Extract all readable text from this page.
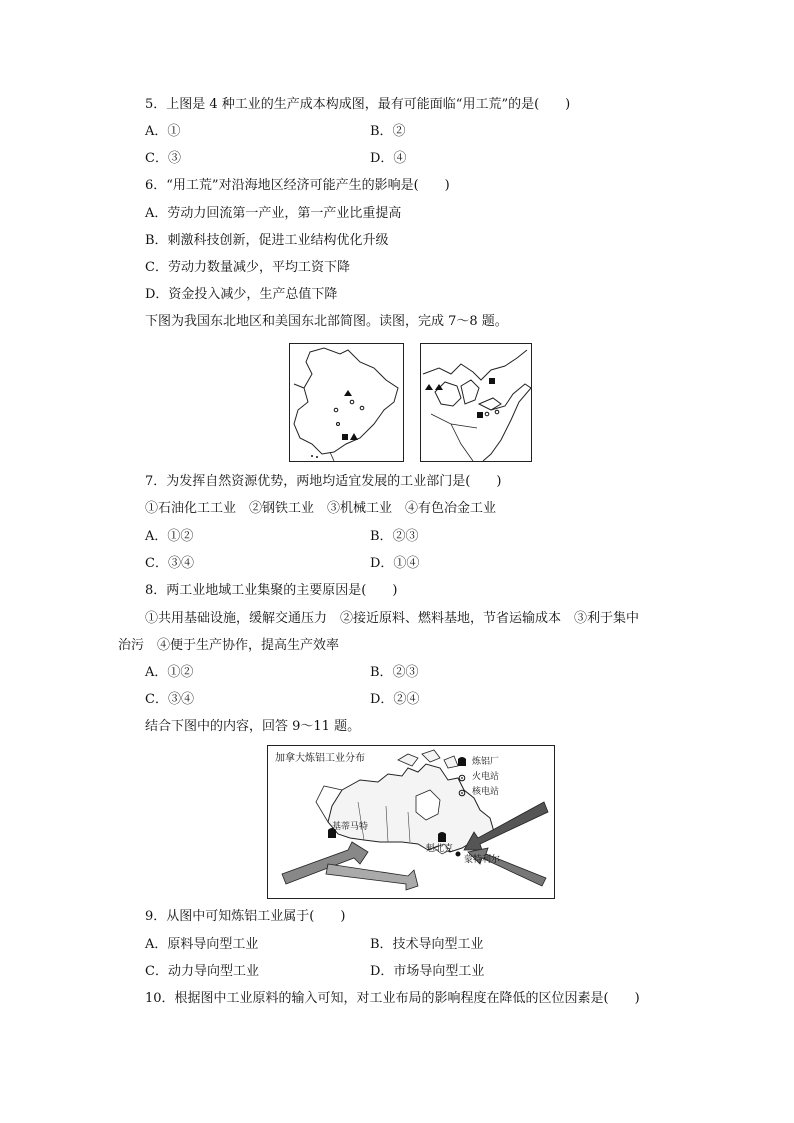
5．上图是 4 种工业的生产成本构成图，最有可能面临“用工荒”的是(　　)
A．①	B．②
C．③	D．④
6．“用工荒”对沿海地区经济可能产生的影响是(　　)
A．劳动力回流第一产业，第一产业比重提高
B．刺激科技创新，促进工业结构优化升级
C．劳动力数量减少，平均工资下降
D．资金投入减少，生产总值下降
下图为我国东北地区和美国东北部简图。读图，完成 7～8 题。
7．为发挥自然资源优势，两地均适宜发展的工业部门是(　　)
①石油化工工业　②钢铁工业　③机械工业　④有色冶金工业
A．①②	B．②③
C．③④	D．①④
8．两工业地域工业集聚的主要原因是(　　)
①共用基础设施，缓解交通压力　②接近原料、燃料基地，节省运输成本　③利于集中
治污　④便于生产协作，提高生产效率
A．①②	B．②③
C．③④	D．②④
结合下图中的内容，回答 9～11 题。
加拿大炼铝工业分布	炼铝厂
火电站
核电站
基蒂马特
魁北克
蒙特利尔
9．从图中可知炼铝工业属于(　　)
A．原料导向型工业	B．技术导向型工业
C．动力导向型工业	D．市场导向型工业
10．根据图中工业原料的输入可知，对工业布局的影响程度在降低的区位因素是(　　)
